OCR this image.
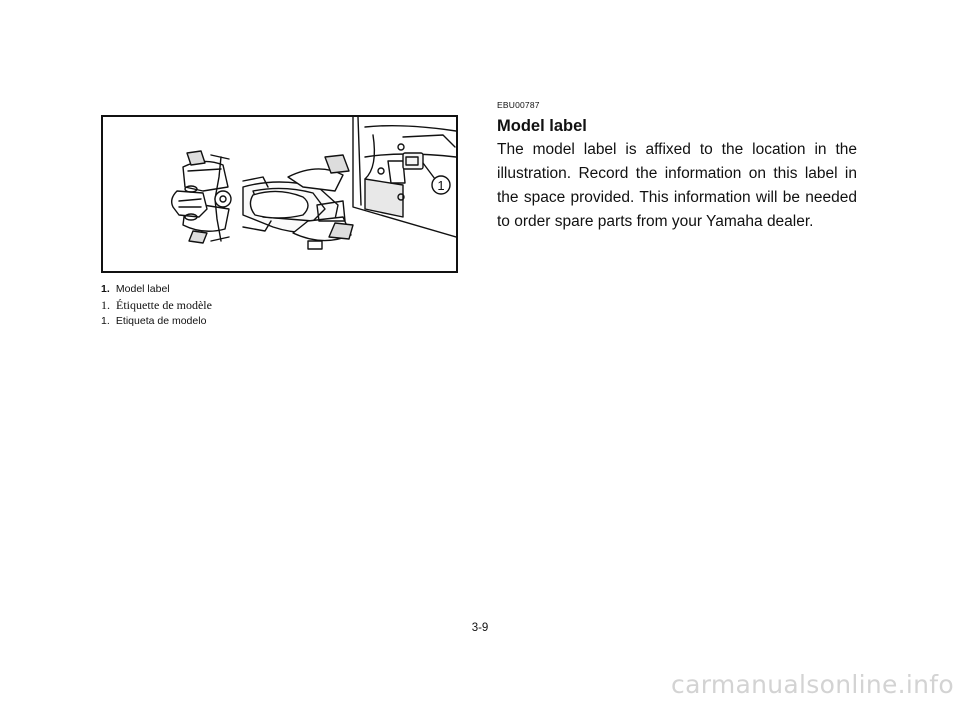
1
1. Model label
1. Étiquette de modèle
1. Etiqueta de modelo
EBU00787
Model label
The model label is affixed to the location in the illustration. Record the information on this label in the space provided. This information will be needed to order spare parts from your Yamaha dealer.
3-9
carmanualsonline.info
